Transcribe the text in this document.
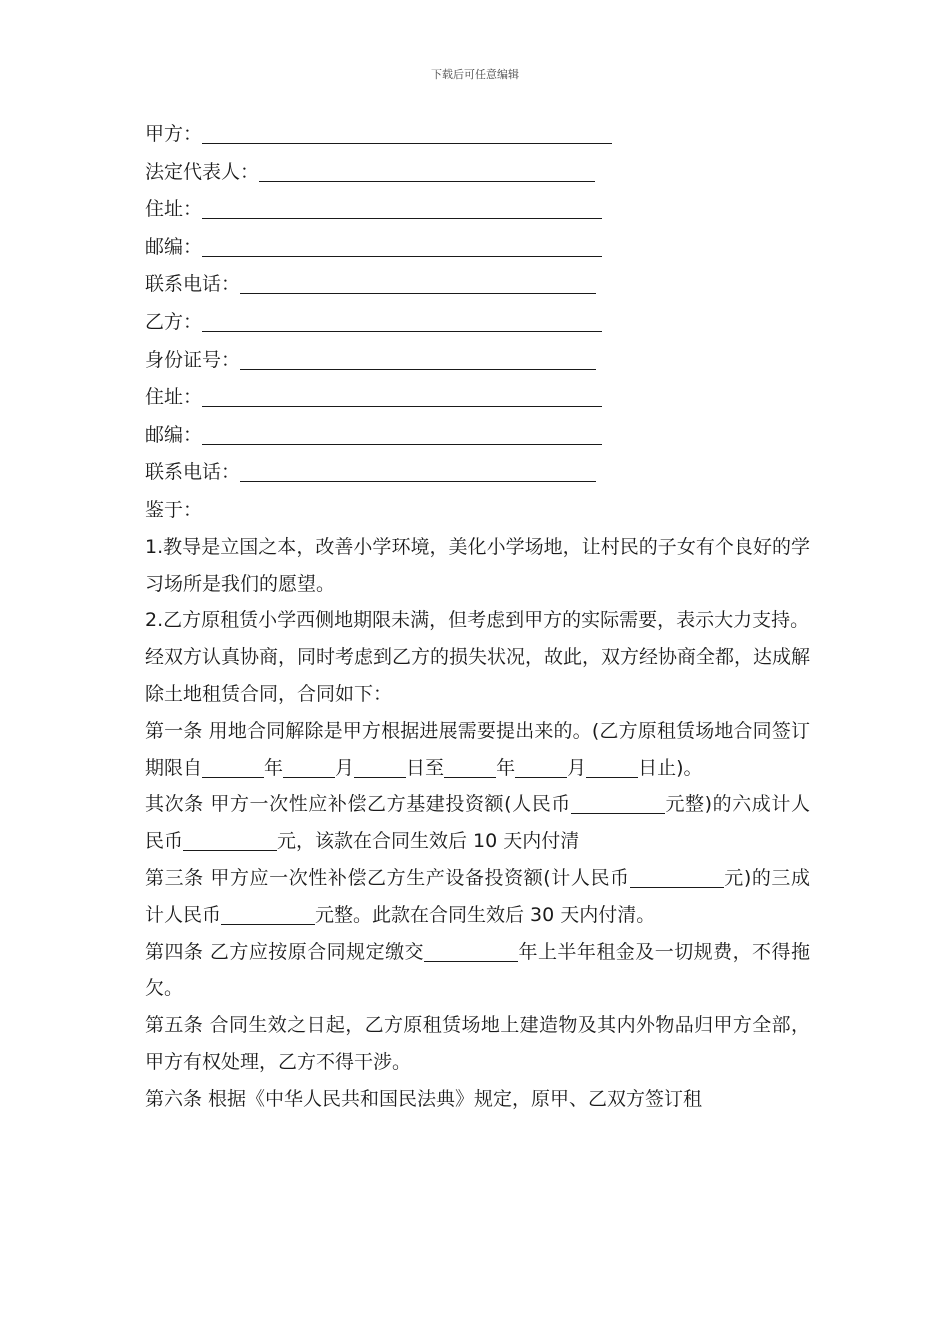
下载后可任意编辑
甲方：
法定代表人：
住址：
邮编：
联系电话：
乙方：
身份证号：
住址：
邮编：
联系电话：
鉴于：
1.教导是立国之本，改善小学环境，美化小学场地，让村民的子女有个良好的学习场所是我们的愿望。
2.乙方原租赁小学西侧地期限未满，但考虑到甲方的实际需要，表示大力支持。
经双方认真协商，同时考虑到乙方的损失状况，故此，双方经协商全都，达成解除土地租赁合同，合同如下：
第一条 用地合同解除是甲方根据进展需要提出来的。(乙方原租赁场地合同签订期限自	年	月	日至	年	月	日止)。
其次条 甲方一次性应补偿乙方基建投资额(人民币	元整)的六成计人民币	元，该款在合同生效后 10 天内付清
第三条 甲方应一次性补偿乙方生产设备投资额(计人民币	元)的三成计人民币	元整。此款在合同生效后 30 天内付清。
第四条 乙方应按原合同规定缴交	年上半年租金及一切规费，不得拖欠。
第五条 合同生效之日起，乙方原租赁场地上建造物及其内外物品归甲方全部，甲方有权处理，乙方不得干涉。
第六条 根据《中华人民共和国民法典》规定，原甲、乙双方签订租
